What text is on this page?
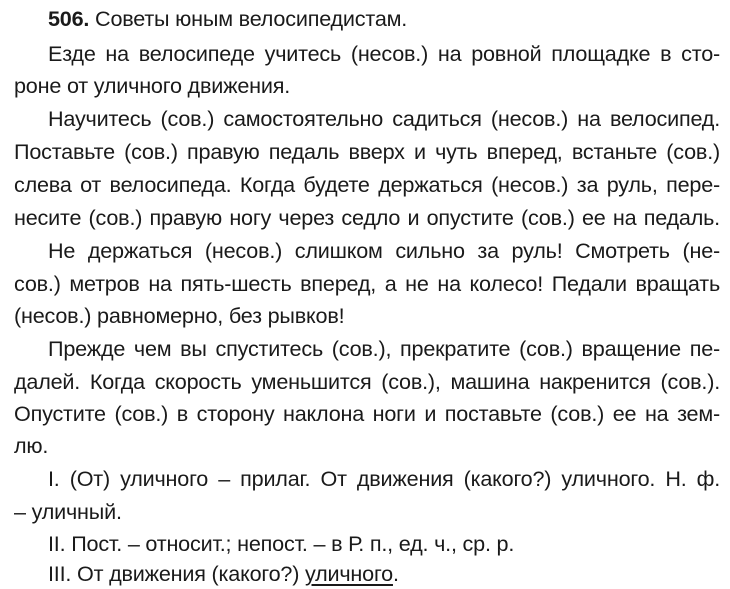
506. Советы юным велосипедистам.
Езде на велосипеде учитесь (несов.) на ровной площадке в сто-
роне от уличного движения.
Научитесь (сов.) самостоятельно садиться (несов.) на велосипед.
Поставьте (сов.) правую педаль вверх и чуть вперед, встаньте (сов.)
слева от велосипеда. Когда будете держаться (несов.) за руль, пере-
несите (сов.) правую ногу через седло и опустите (сов.) ее на педаль.
Не держаться (несов.) слишком сильно за руль! Смотреть (не-
сов.) метров на пять-шесть вперед, а не на колесо! Педали вращать
(несов.) равномерно, без рывков!
Прежде чем вы спуститесь (сов.), прекратите (сов.) вращение пе-
далей. Когда скорость уменьшится (сов.), машина накренится (сов.).
Опустите (сов.) в сторону наклона ноги и поставьте (сов.) ее на зем-
лю.
I. (От) уличного – прилаг. От движения (какого?) уличного. Н. ф.
– уличный.
II. Пост. – относит.; непост. – в Р. п., ед. ч., ср. р.
III. От движения (какого?) уличного.
